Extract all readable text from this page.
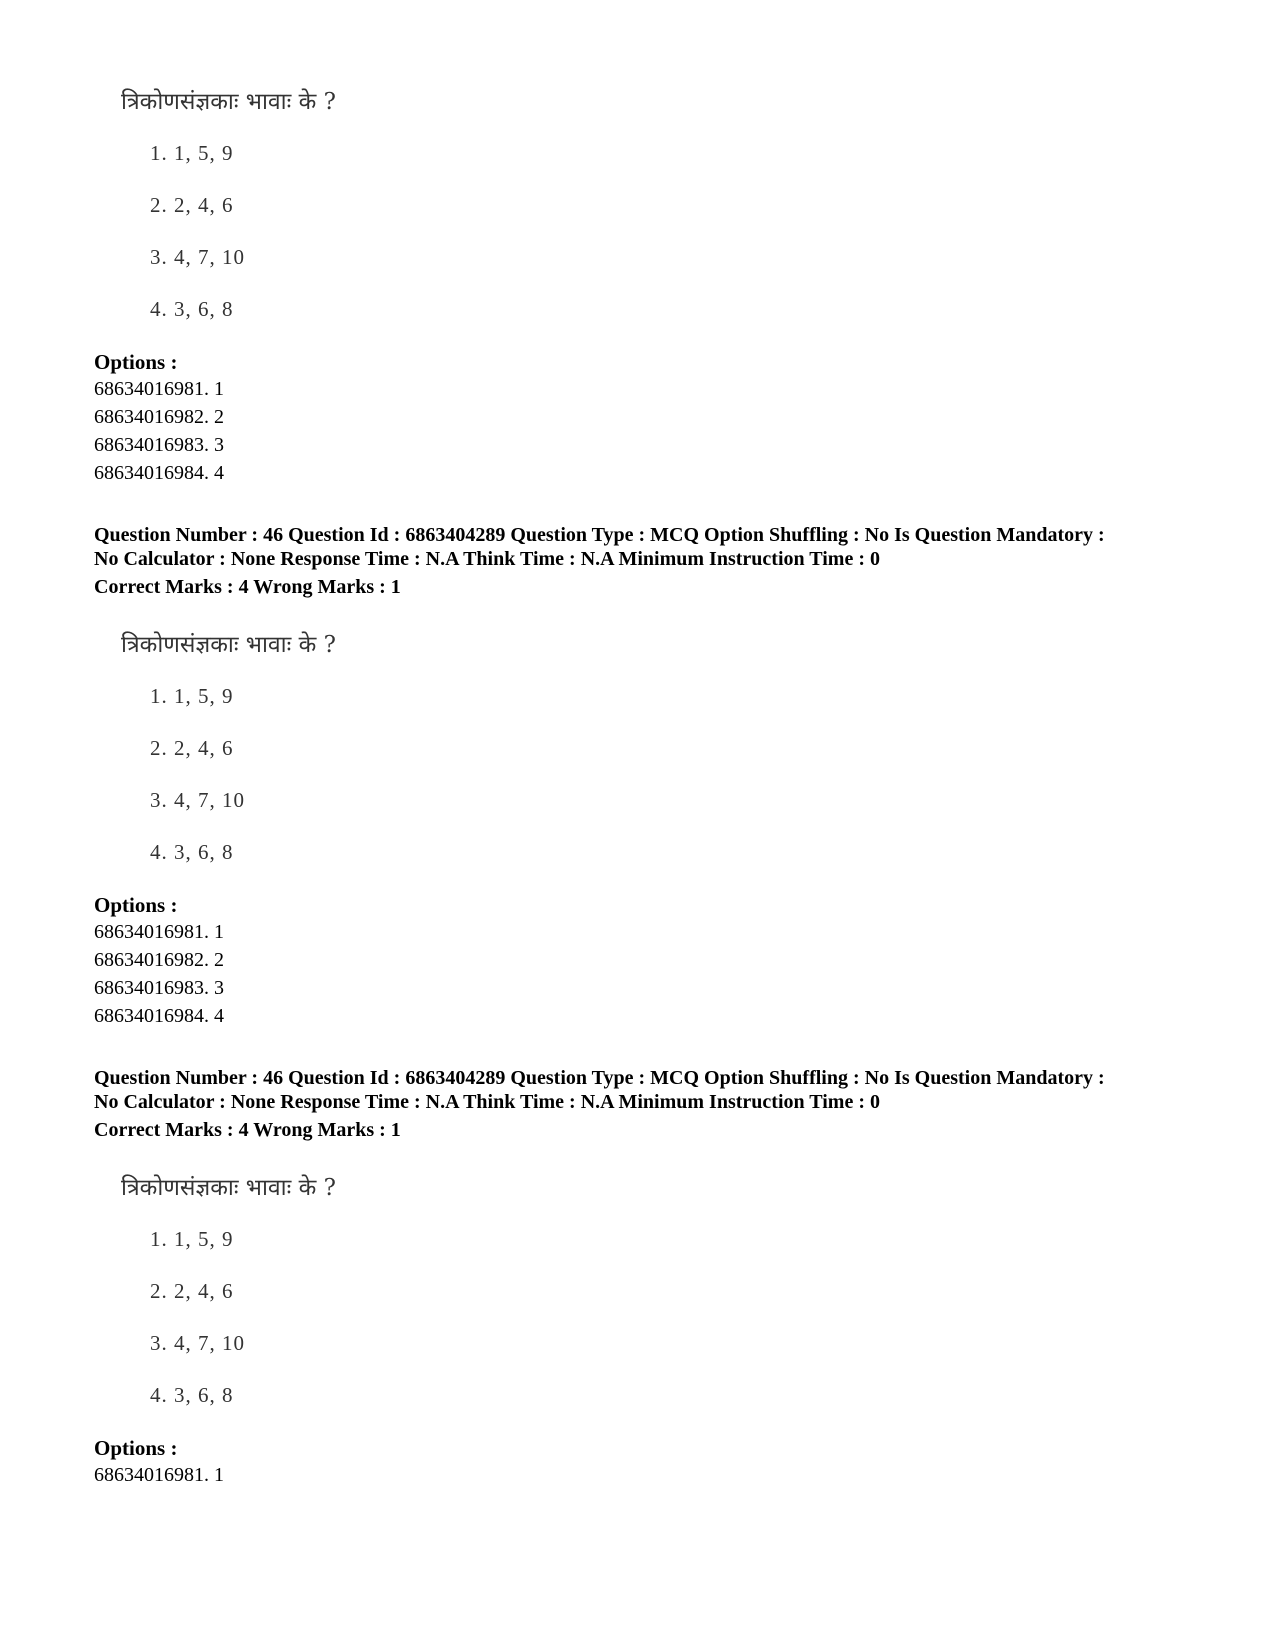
त्रिकोणसंज्ञकाः भावाः के ?
1. 1, 5, 9
2. 2, 4, 6
3. 4, 7, 10
4. 3, 6, 8
Options :
68634016981. 1
68634016982. 2
68634016983. 3
68634016984. 4
Question Number : 46 Question Id : 6863404289 Question Type : MCQ Option Shuffling : No Is Question Mandatory :
No Calculator : None Response Time : N.A Think Time : N.A Minimum Instruction Time : 0
Correct Marks : 4 Wrong Marks : 1
त्रिकोणसंज्ञकाः भावाः के ?
1. 1, 5, 9
2. 2, 4, 6
3. 4, 7, 10
4. 3, 6, 8
Options :
68634016981. 1
68634016982. 2
68634016983. 3
68634016984. 4
Question Number : 46 Question Id : 6863404289 Question Type : MCQ Option Shuffling : No Is Question Mandatory :
No Calculator : None Response Time : N.A Think Time : N.A Minimum Instruction Time : 0
Correct Marks : 4 Wrong Marks : 1
त्रिकोणसंज्ञकाः भावाः के ?
1. 1, 5, 9
2. 2, 4, 6
3. 4, 7, 10
4. 3, 6, 8
Options :
68634016981. 1
